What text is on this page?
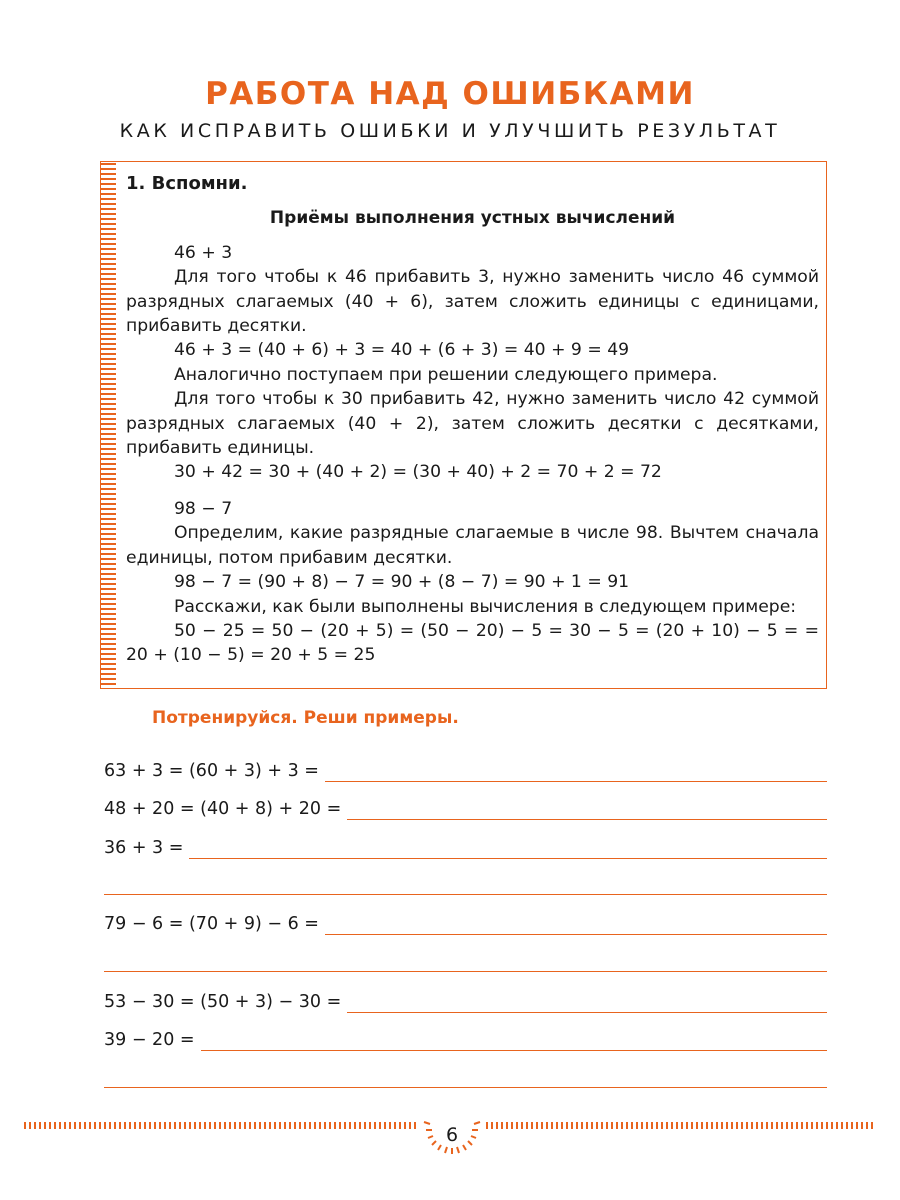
РАБОТА НАД ОШИБКАМИ
КАК ИСПРАВИТЬ ОШИБКИ И УЛУЧШИТЬ РЕЗУЛЬТАТ
1. Вспомни.
Приёмы выполнения устных вычислений

46 + 3

Для того чтобы к 46 прибавить 3, нужно заменить число 46 суммой разрядных слагаемых (40 + 6), затем сложить единицы с единицами, прибавить десятки.

46 + 3 = (40 + 6) + 3 = 40 + (6 + 3) = 40 + 9 = 49

Аналогично поступаем при решении следующего примера.

Для того чтобы к 30 прибавить 42, нужно заменить число 42 суммой разрядных слагаемых (40 + 2), затем сложить десятки с десятками, прибавить единицы.

30 + 42 = 30 + (40 + 2) = (30 + 40) + 2 = 70 + 2 = 72

98 − 7

Определим, какие разрядные слагаемые в числе 98. Вычтем сначала единицы, потом прибавим десятки.

98 − 7 = (90 + 8) − 7 = 90 + (8 − 7) = 90 + 1 = 91

Расскажи, как были выполнены вычисления в следующем примере:

50 − 25 = 50 − (20 + 5) = (50 − 20) − 5 = 30 − 5 = (20 + 10) − 5 = = 20 + (10 − 5) = 20 + 5 = 25

Потренируйся. Реши примеры.
63 + 3 = (60 + 3) + 3 =
48 + 20 = (40 + 8) + 20 =
36 + 3 =
79 − 6 = (70 + 9) − 6 =
53 − 30 = (50 + 3) − 30 =
39 − 20 =
6
